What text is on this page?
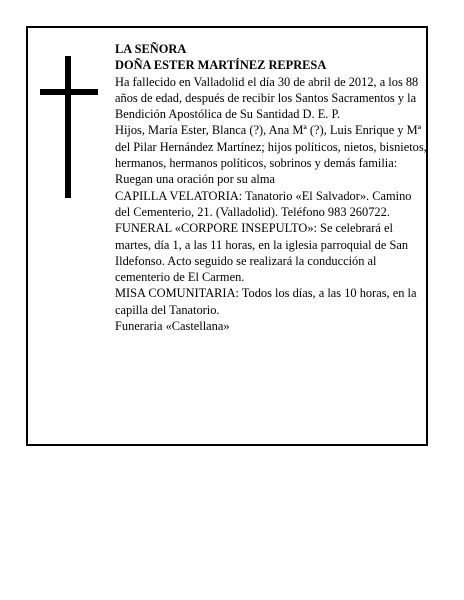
LA SEÑORA

DOÑA ESTER MARTÍNEZ REPRESA

Ha fallecido en Valladolid el día 30 de abril de 2012, a los 88 años de edad, después de recibir los Santos Sacramentos y la Bendición Apostólica de Su Santidad D. E. P.

Hijos, María Ester, Blanca (?), Ana Mª (?), Luis Enrique y Mª del Pilar Hernández Martínez; hijos políticos, nietos, bisnietos, hermanos, hermanos políticos, sobrinos y demás familia:

Ruegan una oración por su alma

CAPILLA VELATORIA: Tanatorio «El Salvador». Camino del Cementerio, 21. (Valladolid). Teléfono 983 260722.

FUNERAL «CORPORE INSEPULTO»: Se celebrará el martes, día 1, a las 11 horas, en la iglesia parroquial de San Ildefonso. Acto seguido se realizará la conducción al cementerio de El Carmen.

MISA COMUNITARIA: Todos los días, a las 10 horas, en la capilla del Tanatorio.

Funeraria «Castellana»
